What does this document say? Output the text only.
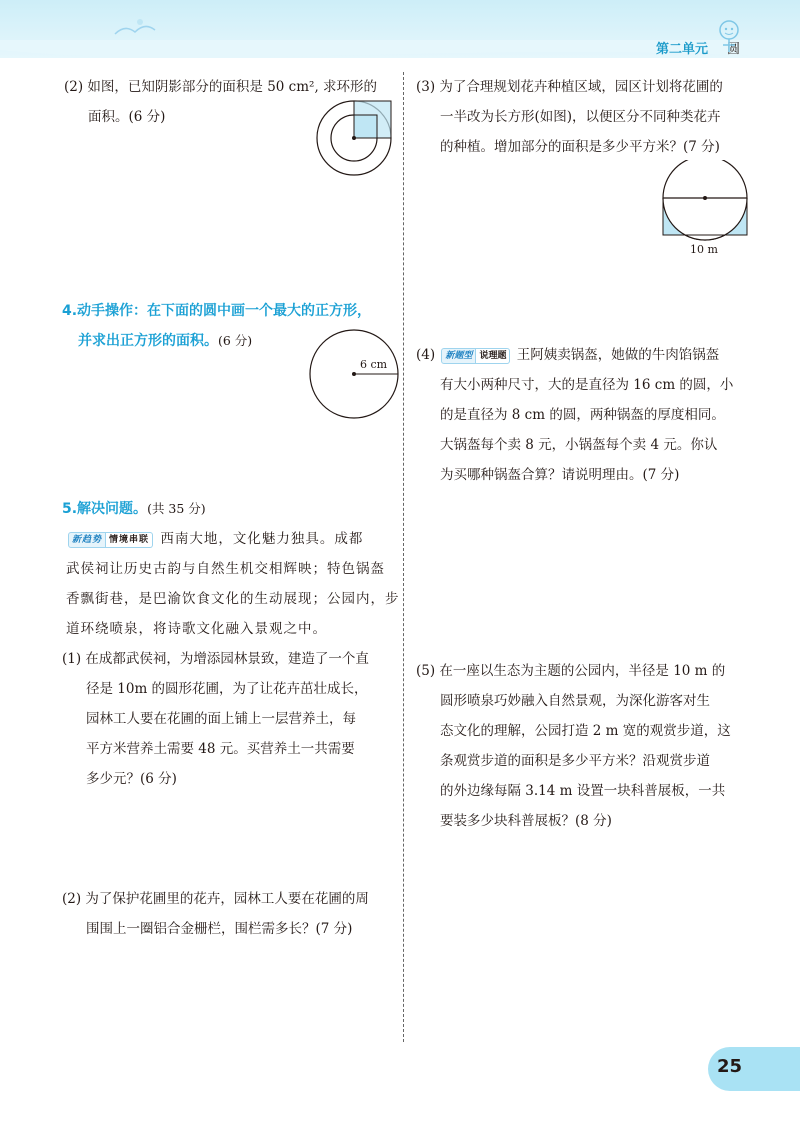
第二单元 圆

(2) 如图，已知阴影部分的面积是 50 cm², 求环形的

面积。(6 分)

4.动手操作：在下面的圆中画一个最大的正方形，

并求出正方形的面积。(6 分)

6 cm

5.解决问题。(共 35 分)

新趋势 情境串联 西南大地，文化魅力独具。成都

武侯祠让历史古韵与自然生机交相辉映；特色锅盔

香飘街巷，是巴渝饮食文化的生动展现；公园内，步

道环绕喷泉，将诗歌文化融入景观之中。

(1) 在成都武侯祠，为增添园林景致，建造了一个直

径是 10m 的圆形花圃，为了让花卉茁壮成长，

园林工人要在花圃的面上铺上一层营养土，每

平方米营养土需要 48 元。买营养土一共需要

多少元？(6 分)

(2) 为了保护花圃里的花卉，园林工人要在花圃的周

围围上一圈铝合金栅栏，围栏需多长？(7 分)

(3) 为了合理规划花卉种植区域，园区计划将花圃的

一半改为长方形(如图)，以便区分不同种类花卉

的种植。增加部分的面积是多少平方米？(7 分)

10 m

(4) 新题型 说理题 王阿姨卖锅盔，她做的牛肉馅锅盔

有大小两种尺寸，大的是直径为 16 cm 的圆，小

的是直径为 8 cm 的圆，两种锅盔的厚度相同。

大锅盔每个卖 8 元，小锅盔每个卖 4 元。你认

为买哪种锅盔合算？请说明理由。(7 分)

(5) 在一座以生态为主题的公园内，半径是 10 m 的

圆形喷泉巧妙融入自然景观，为深化游客对生

态文化的理解，公园打造 2 m 宽的观赏步道，这

条观赏步道的面积是多少平方米？沿观赏步道

的外边缘每隔 3.14 m 设置一块科普展板，一共

要装多少块科普展板？(8 分)

25
